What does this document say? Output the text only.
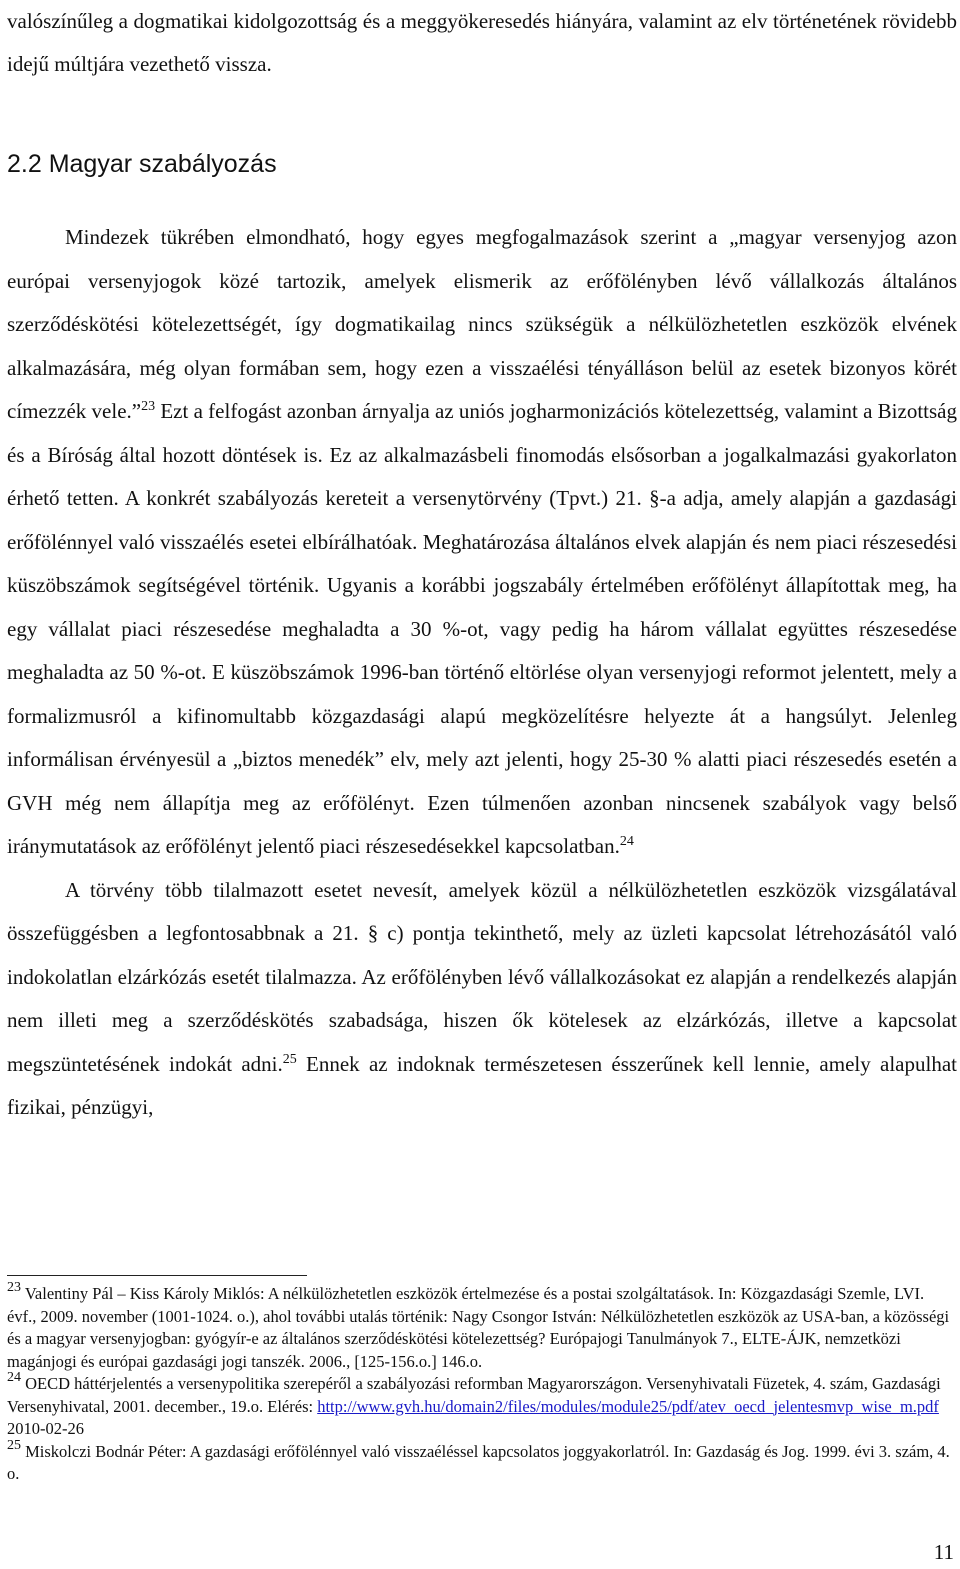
valószínűleg a dogmatikai kidolgozottság és a meggyökeresedés hiányára, valamint az elv történetének rövidebb idejű múltjára vezethető vissza.
2.2 Magyar szabályozás

Mindezek tükrében elmondható, hogy egyes megfogalmazások szerint a „magyar versenyjog azon európai versenyjogok közé tartozik, amelyek elismerik az erőfölényben lévő vállalkozás általános szerződéskötési kötelezettségét, így dogmatikailag nincs szükségük a nélkülözhetetlen eszközök elvének alkalmazására, még olyan formában sem, hogy ezen a visszaélési tényálláson belül az esetek bizonyos körét címezzék vele.”$^{23}$ Ezt a felfogást azonban árnyalja az uniós jogharmonizációs kötelezettség, valamint a Bizottság és a Bíróság által hozott döntések is. Ez az alkalmazásbeli finomodás elsősorban a jogalkalmazási gyakorlaton érhető tetten. A konkrét szabályozás kereteit a versenytörvény (Tpvt.) 21. §-a adja, amely alapján a gazdasági erőfölénnyel való visszaélés esetei elbírálhatóak. Meghatározása általános elvek alapján és nem piaci részesedési küszöbszámok segítségével történik. Ugyanis a korábbi jogszabály értelmében erőfölényt állapítottak meg, ha egy vállalat piaci részesedése meghaladta a 30 %-ot, vagy pedig ha három vállalat együttes részesedése meghaladta az 50 %-ot. E küszöbszámok 1996-ban történő eltörlése olyan versenyjogi reformot jelentett, mely a formalizmusról a kifinomultabb közgazdasági alapú megközelítésre helyezte át a hangsúlyt. Jelenleg informálisan érvényesül a „biztos menedék” elv, mely azt jelenti, hogy 25-30 % alatti piaci részesedés esetén a GVH még nem állapítja meg az erőfölényt. Ezen túlmenően azonban nincsenek szabályok vagy belső iránymutatások az erőfölényt jelentő piaci részesedésekkel kapcsolatban.$^{24}$

A törvény több tilalmazott esetet nevesít, amelyek közül a nélkülözhetetlen eszközök vizsgálatával összefüggésben a legfontosabbnak a 21. § c) pontja tekinthető, mely az üzleti kapcsolat létrehozásától való indokolatlan elzárkózás esetét tilalmazza. Az erőfölényben lévő vállalkozásokat ez alapján a rendelkezés alapján nem illeti meg a szerződéskötés szabadsága, hiszen ők kötelesek az elzárkózás, illetve a kapcsolat megszüntetésének indokát adni.$^{25}$ Ennek az indoknak természetesen ésszerűnek kell lennie, amely alapulhat fizikai, pénzügyi,

$^{23}$ Valentiny Pál – Kiss Károly Miklós: A nélkülözhetetlen eszközök értelmezése és a postai szolgáltatások. In: Közgazdasági Szemle, LVI. évf., 2009. november (1001-1024. o.), ahol további utalás történik: Nagy Csongor István: Nélkülözhetetlen eszközök az USA-ban, a közösségi és a magyar versenyjogban: gyógyír-e az általános szerződéskötési kötelezettség? Európajogi Tanulmányok 7., ELTE-ÁJK, nemzetközi magánjogi és európai gazdasági jogi tanszék. 2006., [125-156.o.] 146.o.

$^{24}$ OECD háttérjelentés a versenypolitika szerepéről a szabályozási reformban Magyarországon. Versenyhivatali Füzetek, 4. szám, Gazdasági Versenyhivatal, 2001. december., 19.o. Elérés: http://www.gvh.hu/domain2/files/modules/module25/pdf/atev_oecd_jelentesmvp_wise_m.pdf 2010-02-26

$^{25}$ Miskolczi Bodnár Péter: A gazdasági erőfölénnyel való visszaéléssel kapcsolatos joggyakorlatról. In: Gazdaság és Jog. 1999. évi 3. szám, 4. o.

11
